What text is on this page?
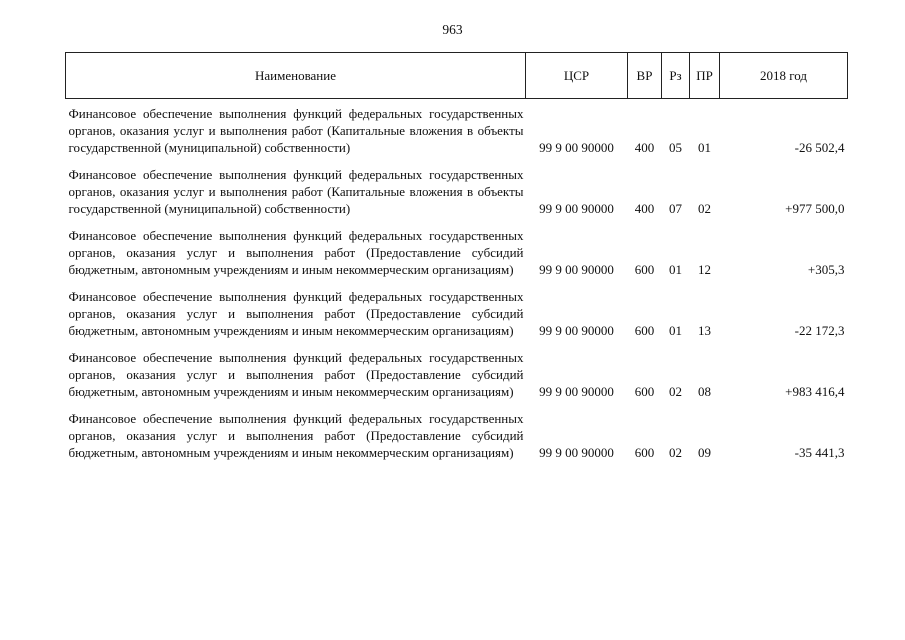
963
Наименование	ЦСР	ВР	Рз	ПР	2018 год
Финансовое обеспечение выполнения функций федеральных государственных органов, оказания услуг и выполнения работ (Капитальные вложения в объекты государственной (муниципальной) собственности)	99 9 00 90000	400	05	01	-26 502,4
Финансовое обеспечение выполнения функций федеральных государственных органов, оказания услуг и выполнения работ (Капитальные вложения в объекты государственной (муниципальной) собственности)	99 9 00 90000	400	07	02	+977 500,0
Финансовое обеспечение выполнения функций федеральных государственных органов, оказания услуг и выполнения работ (Предоставление субсидий бюджетным, автономным учреждениям и иным некоммерческим организациям)	99 9 00 90000	600	01	12	+305,3
Финансовое обеспечение выполнения функций федеральных государственных органов, оказания услуг и выполнения работ (Предоставление субсидий бюджетным, автономным учреждениям и иным некоммерческим организациям)	99 9 00 90000	600	01	13	-22 172,3
Финансовое обеспечение выполнения функций федеральных государственных органов, оказания услуг и выполнения работ (Предоставление субсидий бюджетным, автономным учреждениям и иным некоммерческим организациям)	99 9 00 90000	600	02	08	+983 416,4
Финансовое обеспечение выполнения функций федеральных государственных органов, оказания услуг и выполнения работ (Предоставление субсидий бюджетным, автономным учреждениям и иным некоммерческим организациям)	99 9 00 90000	600	02	09	-35 441,3
